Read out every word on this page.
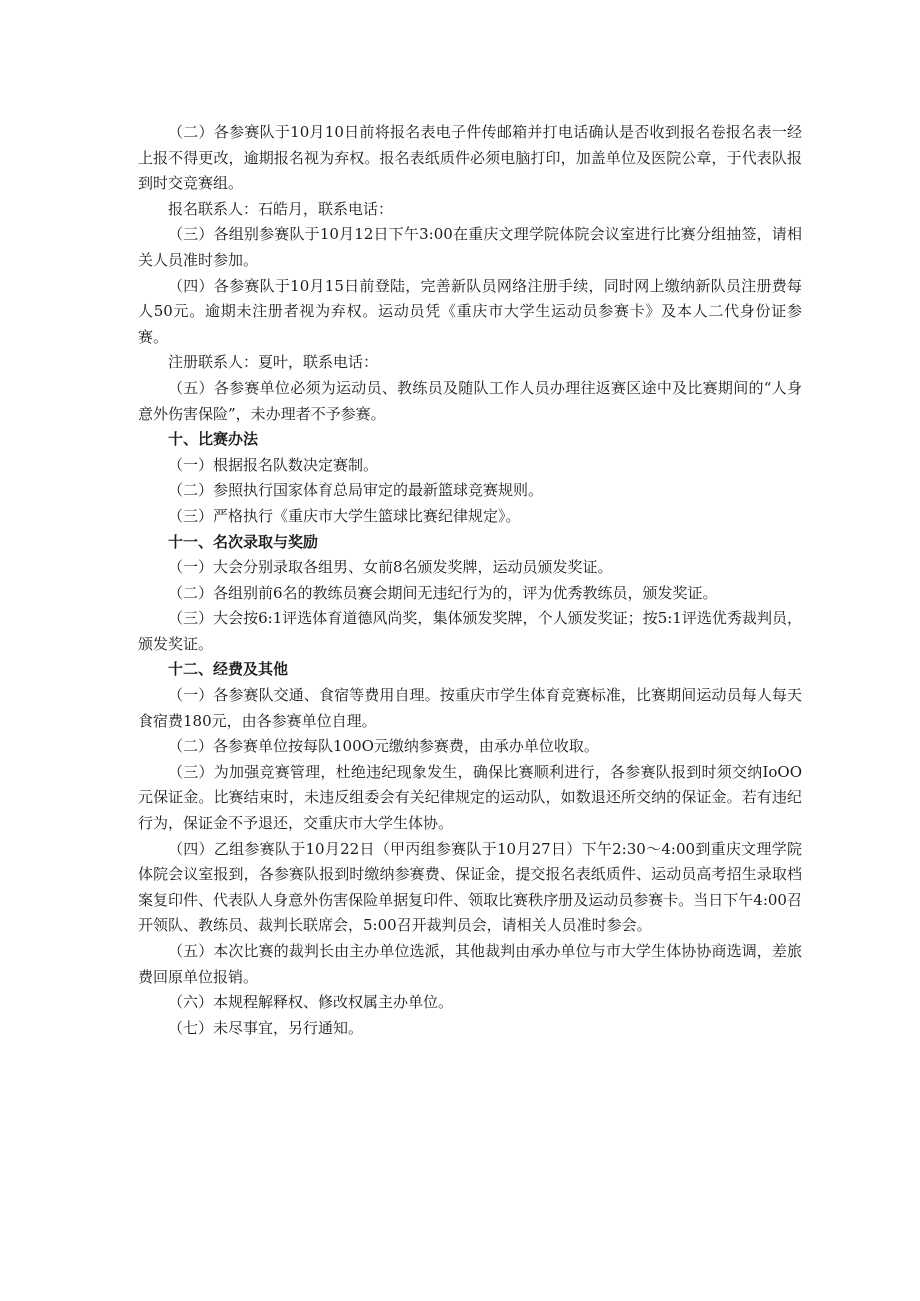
（二）各参赛队于10月10日前将报名表电子件传邮箱并打电话确认是否收到报名卷报名表一经上报不得更改，逾期报名视为弃权。报名表纸质件必须电脑打印，加盖单位及医院公章，于代表队报到时交竞赛组。

报名联系人：石皓月，联系电话：

（三）各组别参赛队于10月12日下午3:00在重庆文理学院体院会议室进行比赛分组抽签，请相关人员准时参加。

（四）各参赛队于10月15日前登陆，完善新队员网络注册手续，同时网上缴纳新队员注册费每人50元。逾期未注册者视为弃权。运动员凭《重庆市大学生运动员参赛卡》及本人二代身份证参赛。

注册联系人：夏叶，联系电话：

（五）各参赛单位必须为运动员、教练员及随队工作人员办理往返赛区途中及比赛期间的“人身意外伤害保险”，未办理者不予参赛。

十、比赛办法

（一）根据报名队数决定赛制。

（二）参照执行国家体育总局审定的最新篮球竞赛规则。

（三）严格执行《重庆市大学生篮球比赛纪律规定》。

十一、名次录取与奖励

（一）大会分别录取各组男、女前8名颁发奖牌，运动员颁发奖证。

（二）各组别前6名的教练员赛会期间无违纪行为的，评为优秀教练员，颁发奖证。

（三）大会按6:1评选体育道德风尚奖，集体颁发奖牌，个人颁发奖证；按5:1评选优秀裁判员，颁发奖证。

十二、经费及其他

（一）各参赛队交通、食宿等费用自理。按重庆市学生体育竞赛标准，比赛期间运动员每人每天食宿费180元，由各参赛单位自理。

（二）各参赛单位按每队100O元缴纳参赛费，由承办单位收取。

（三）为加强竞赛管理，杜绝违纪现象发生，确保比赛顺利进行，各参赛队报到时须交纳IoOO元保证金。比赛结束时，未违反组委会有关纪律规定的运动队，如数退还所交纳的保证金。若有违纪行为，保证金不予退还，交重庆市大学生体协。

（四）乙组参赛队于10月22日（甲丙组参赛队于10月27日）下午2:30～4:00到重庆文理学院体院会议室报到，各参赛队报到时缴纳参赛费、保证金，提交报名表纸质件、运动员高考招生录取档案复印件、代表队人身意外伤害保险单据复印件、领取比赛秩序册及运动员参赛卡。当日下午4:00召开领队、教练员、裁判长联席会，5:00召开裁判员会，请相关人员准时参会。

（五）本次比赛的裁判长由主办单位选派，其他裁判由承办单位与市大学生体协协商选调，差旅费回原单位报销。

（六）本规程解释权、修改权属主办单位。

（七）未尽事宜，另行通知。
